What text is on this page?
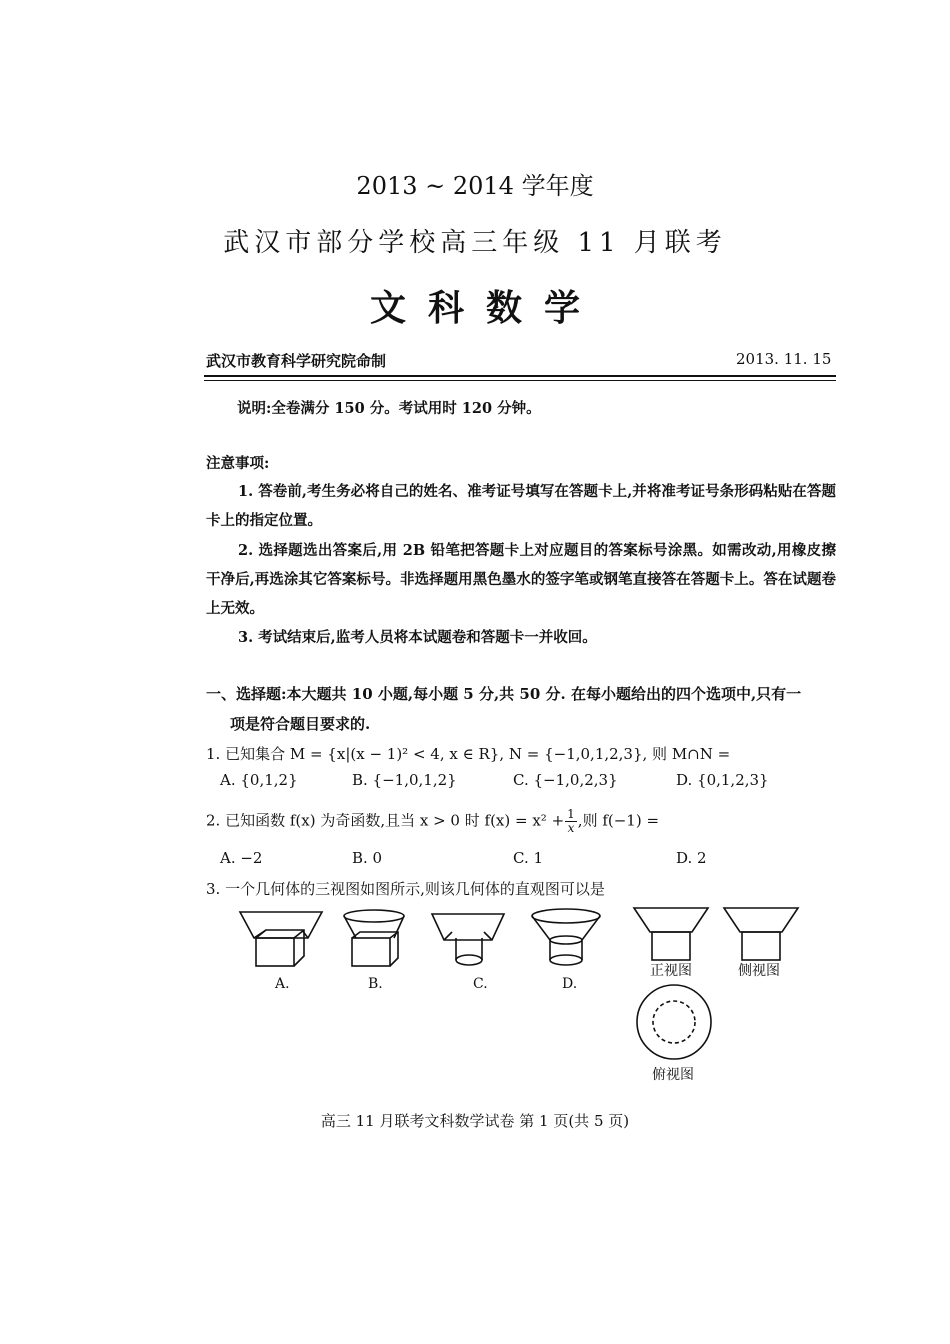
2013 ~ 2014 学年度
武汉市部分学校高三年级 11 月联考
文科数学
武汉市教育科学研究院命制	2013. 11. 15
说明:全卷满分 150 分。考试用时 120 分钟。
注意事项:
1. 答卷前,考生务必将自己的姓名、准考证号填写在答题卡上,并将准考证号条形码粘贴在答题卡上的指定位置。
2. 选择题选出答案后,用 2B 铅笔把答题卡上对应题目的答案标号涂黑。如需改动,用橡皮擦干净后,再选涂其它答案标号。非选择题用黑色墨水的签字笔或钢笔直接答在答题卡上。答在试题卷上无效。
3. 考试结束后,监考人员将本试题卷和答题卡一并收回。
一、选择题:本大题共 10 小题,每小题 5 分,共 50 分. 在每小题给出的四个选项中,只有一
项是符合题目要求的.
1. 已知集合 M = {x|(x − 1)² < 4, x ∈ R}, N = {−1,0,1,2,3}, 则 M∩N =
A. {0,1,2}	B. {−1,0,1,2}	C. {−1,0,2,3}	D. {0,1,2,3}
2. 已知函数 f(x) 为奇函数,且当 x > 0 时 $f(x) = x^2 + \frac{1}{x}$ ,则 f(−1) =
A. −2	B. 0	C. 1	D. 2
3. 一个几何体的三视图如图所示,则该几何体的直观图可以是
A.	B.	C.	D.
正视图	侧视图
俯视图
高三 11 月联考文科数学试卷 第 1 页(共 5 页)
